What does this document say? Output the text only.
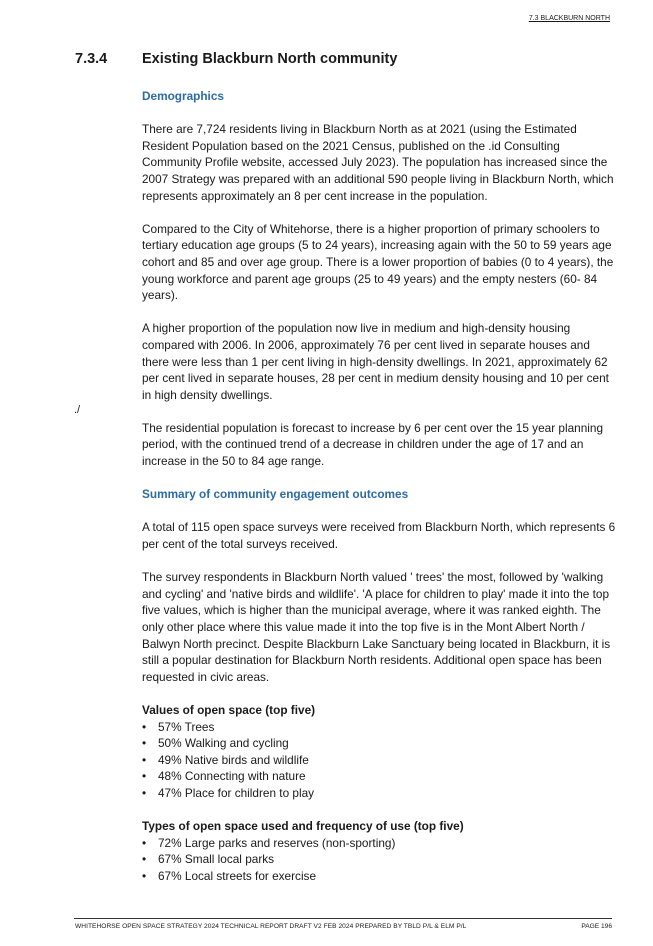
7.3 BLACKBURN NORTH
7.3.4 Existing Blackburn North community
./
Demographics

There are 7,724 residents living in Blackburn North as at 2021 (using the Estimated Resident Population based on the 2021 Census, published on the .id Consulting Community Profile website, accessed July 2023). The population has increased since the 2007 Strategy was prepared with an additional 590 people living in Blackburn North, which represents approximately an 8 per cent increase in the population.

Compared to the City of Whitehorse, there is a higher proportion of primary schoolers to tertiary education age groups (5 to 24 years), increasing again with the 50 to 59 years age cohort and 85 and over age group. There is a lower proportion of babies (0 to 4 years), the young workforce and parent age groups (25 to 49 years) and the empty nesters (60- 84 years).

A higher proportion of the population now live in medium and high-density housing compared with 2006. In 2006, approximately 76 per cent lived in separate houses and there were less than 1 per cent living in high-density dwellings. In 2021, approximately 62 per cent lived in separate houses, 28 per cent in medium density housing and 10 per cent in high density dwellings.

The residential population is forecast to increase by 6 per cent over the 15 year planning period, with the continued trend of a decrease in children under the age of 17 and an increase in the 50 to 84 age range.

Summary of community engagement outcomes

A total of 115 open space surveys were received from Blackburn North, which represents 6 per cent of the total surveys received.

The survey respondents in Blackburn North valued ' trees' the most, followed by 'walking and cycling' and 'native birds and wildlife'. 'A place for children to play' made it into the top five values, which is higher than the municipal average, where it was ranked eighth. The only other place where this value made it into the top five is in the Mont Albert North / Balwyn North precinct. Despite Blackburn Lake Sanctuary being located in Blackburn, it is still a popular destination for Blackburn North residents. Additional open space has been requested in civic areas.

Values of open space (top five)
• 57% Trees
• 50% Walking and cycling
• 49% Native birds and wildlife
• 48% Connecting with nature
• 47% Place for children to play
Types of open space used and frequency of use (top five)
• 72% Large parks and reserves (non-sporting)
• 67% Small local parks
• 67% Local streets for exercise
WHITEHORSE OPEN SPACE STRATEGY 2024 TECHNICAL REPORT DRAFT V2 FEB 2024 PREPARED BY TBLD P/L & ELM P/L	PAGE 196
